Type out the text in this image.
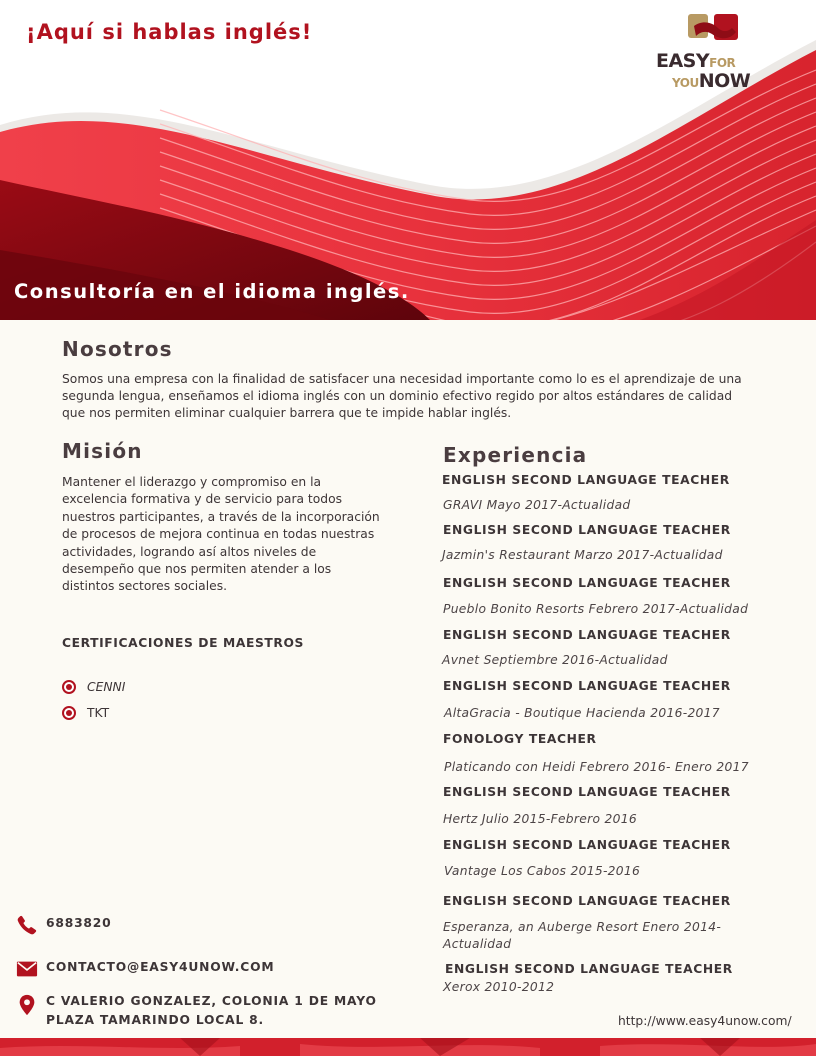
¡Aquí si hablas inglés!
EASYFOR
YOUNOW
Consultoría en el idioma inglés.
Nosotros

Somos una empresa con la finalidad de satisfacer una necesidad importante como lo es el aprendizaje de una segunda lengua, enseñamos el idioma inglés con un dominio efectivo regido por altos estándares de calidad que nos permiten eliminar cualquier barrera que te impide hablar inglés.

Misión

Mantener el liderazgo y compromiso en la excelencia formativa y de servicio para todos nuestros participantes, a través de la incorporación de procesos de mejora continua en todas nuestras actividades, logrando así altos niveles de desempeño que nos permiten atender a los distintos sectores sociales.

CERTIFICACIONES DE MAESTROS
CENNI
TKT
Experiencia
ENGLISH SECOND LANGUAGE TEACHER
GRAVI Mayo 2017-Actualidad
ENGLISH SECOND LANGUAGE TEACHER
Jazmin's Restaurant Marzo 2017-Actualidad
ENGLISH SECOND LANGUAGE TEACHER
Pueblo Bonito Resorts Febrero 2017-Actualidad
ENGLISH SECOND LANGUAGE TEACHER
Avnet Septiembre 2016-Actualidad
ENGLISH SECOND LANGUAGE TEACHER
AltaGracia - Boutique Hacienda 2016-2017
FONOLOGY TEACHER
Platicando con Heidi Febrero 2016- Enero 2017
ENGLISH SECOND LANGUAGE TEACHER
Hertz Julio 2015-Febrero 2016
ENGLISH SECOND LANGUAGE TEACHER
Vantage Los Cabos 2015-2016
ENGLISH SECOND LANGUAGE TEACHER
Esperanza, an Auberge Resort Enero 2014-Actualidad
ENGLISH SECOND LANGUAGE TEACHER
Xerox 2010-2012
6883820
CONTACTO@EASY4UNOW.COM
C VALERIO GONZALEZ, COLONIA 1 DE MAYO
PLAZA TAMARINDO LOCAL 8.	http://www.easy4unow.com/
